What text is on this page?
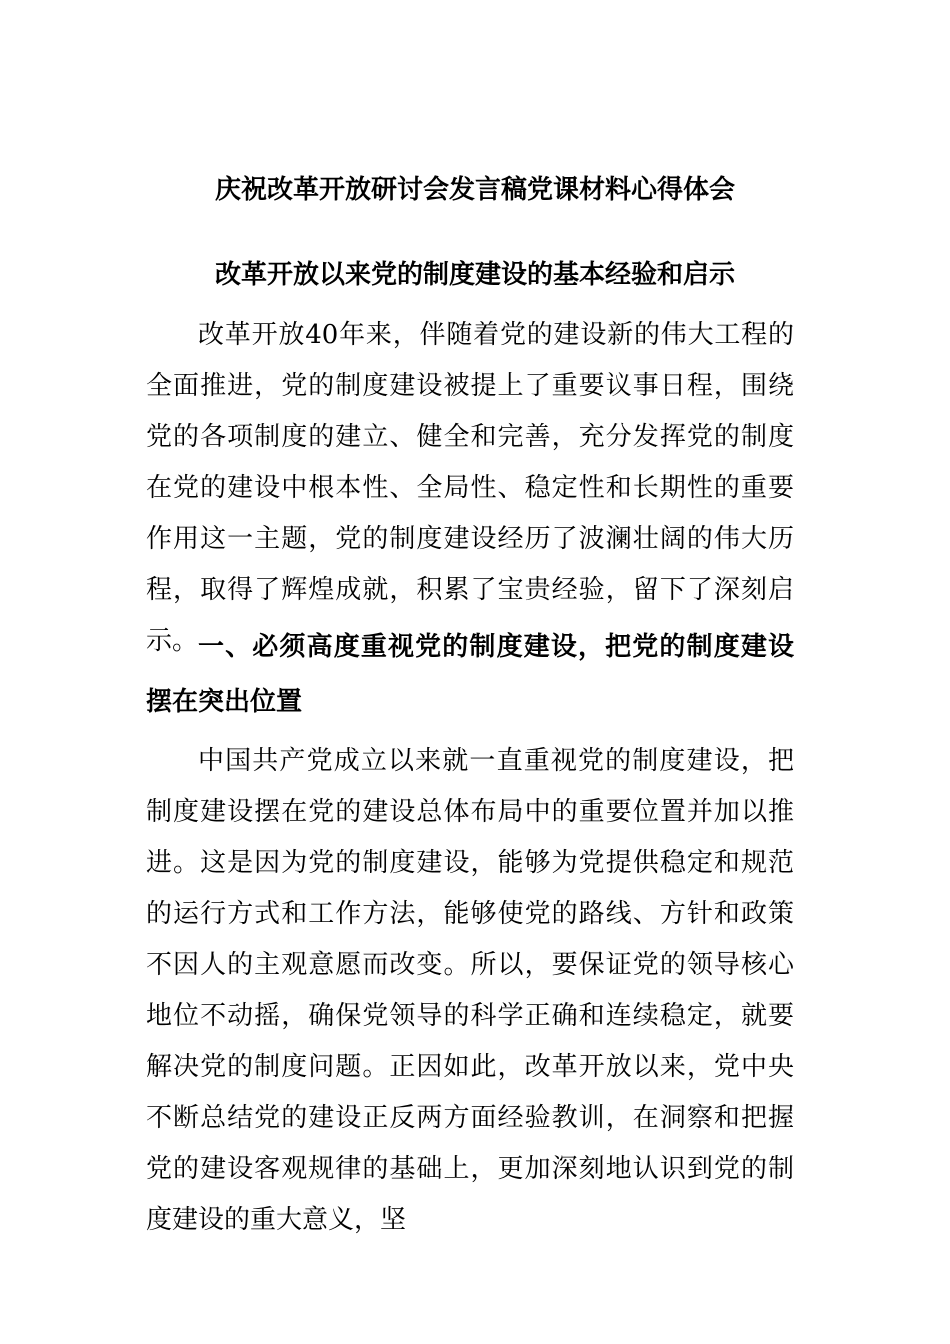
庆祝改革开放研讨会发言稿党课材料心得体会
改革开放以来党的制度建设的基本经验和启示

改革开放40年来，伴随着党的建设新的伟大工程的全面推进，党的制度建设被提上了重要议事日程，围绕党的各项制度的建立、健全和完善，充分发挥党的制度在党的建设中根本性、全局性、稳定性和长期性的重要作用这一主题，党的制度建设经历了波澜壮阔的伟大历程，取得了辉煌成就，积累了宝贵经验，留下了深刻启示。 一、必须高度重视党的制度建设，把党的制度建设摆在突出位置

中国共产党成立以来就一直重视党的制度建设，把制度建设摆在党的建设总体布局中的重要位置并加以推进。这是因为党的制度建设，能够为党提供稳定和规范的运行方式和工作方法，能够使党的路线、方针和政策不因人的主观意愿而改变。所以，要保证党的领导核心地位不动摇，确保党领导的科学正确和连续稳定，就要解决党的制度问题。正因如此，改革开放以来，党中央不断总结党的建设正反两方面经验教训，在洞察和把握党的建设客观规律的基础上，更加深刻地认识到党的制度建设的重大意义，坚
